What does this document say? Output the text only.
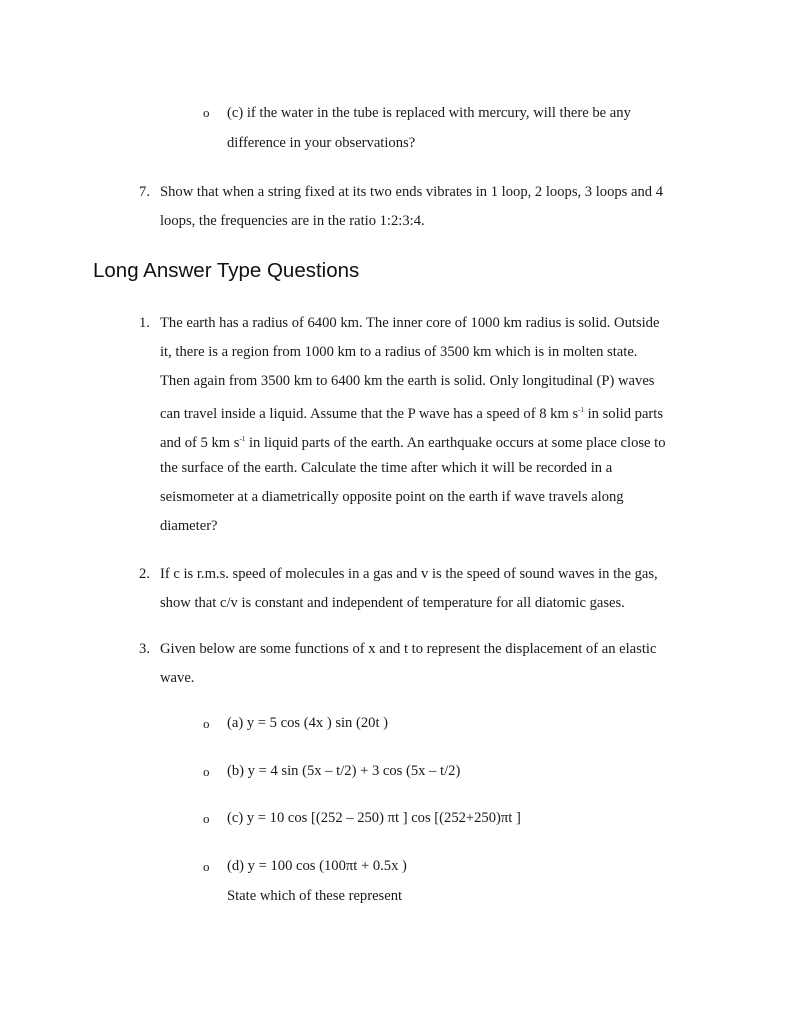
o (c) if the water in the tube is replaced with mercury, will there be any
difference in your observations?
7. Show that when a string fixed at its two ends vibrates in 1 loop, 2 loops, 3 loops and 4
loops, the frequencies are in the ratio 1:2:3:4.
Long Answer Type Questions
1. The earth has a radius of 6400 km. The inner core of 1000 km radius is solid. Outside
it, there is a region from 1000 km to a radius of 3500 km which is in molten state.
Then again from 3500 km to 6400 km the earth is solid. Only longitudinal (P) waves
can travel inside a liquid. Assume that the P wave has a speed of 8 km $s^{-1}$ in solid parts
and of 5 km $s^{-1}$ in liquid parts of the earth. An earthquake occurs at some place close to
the surface of the earth. Calculate the time after which it will be recorded in a
seismometer at a diametrically opposite point on the earth if wave travels along
diameter?
2. If c is r.m.s. speed of molecules in a gas and v is the speed of sound waves in the gas,
show that c/v is constant and independent of temperature for all diatomic gases.
3. Given below are some functions of x and t to represent the displacement of an elastic
wave.
o (a) y = 5 cos (4x ) sin (20t )
o (b) y = 4 sin (5x – t/2) + 3 cos (5x – t/2)
o (c) y = 10 cos [(252 – 250) πt ] cos [(252+250)πt ]
o (d) y = 100 cos (100πt + 0.5x )
State which of these represent
